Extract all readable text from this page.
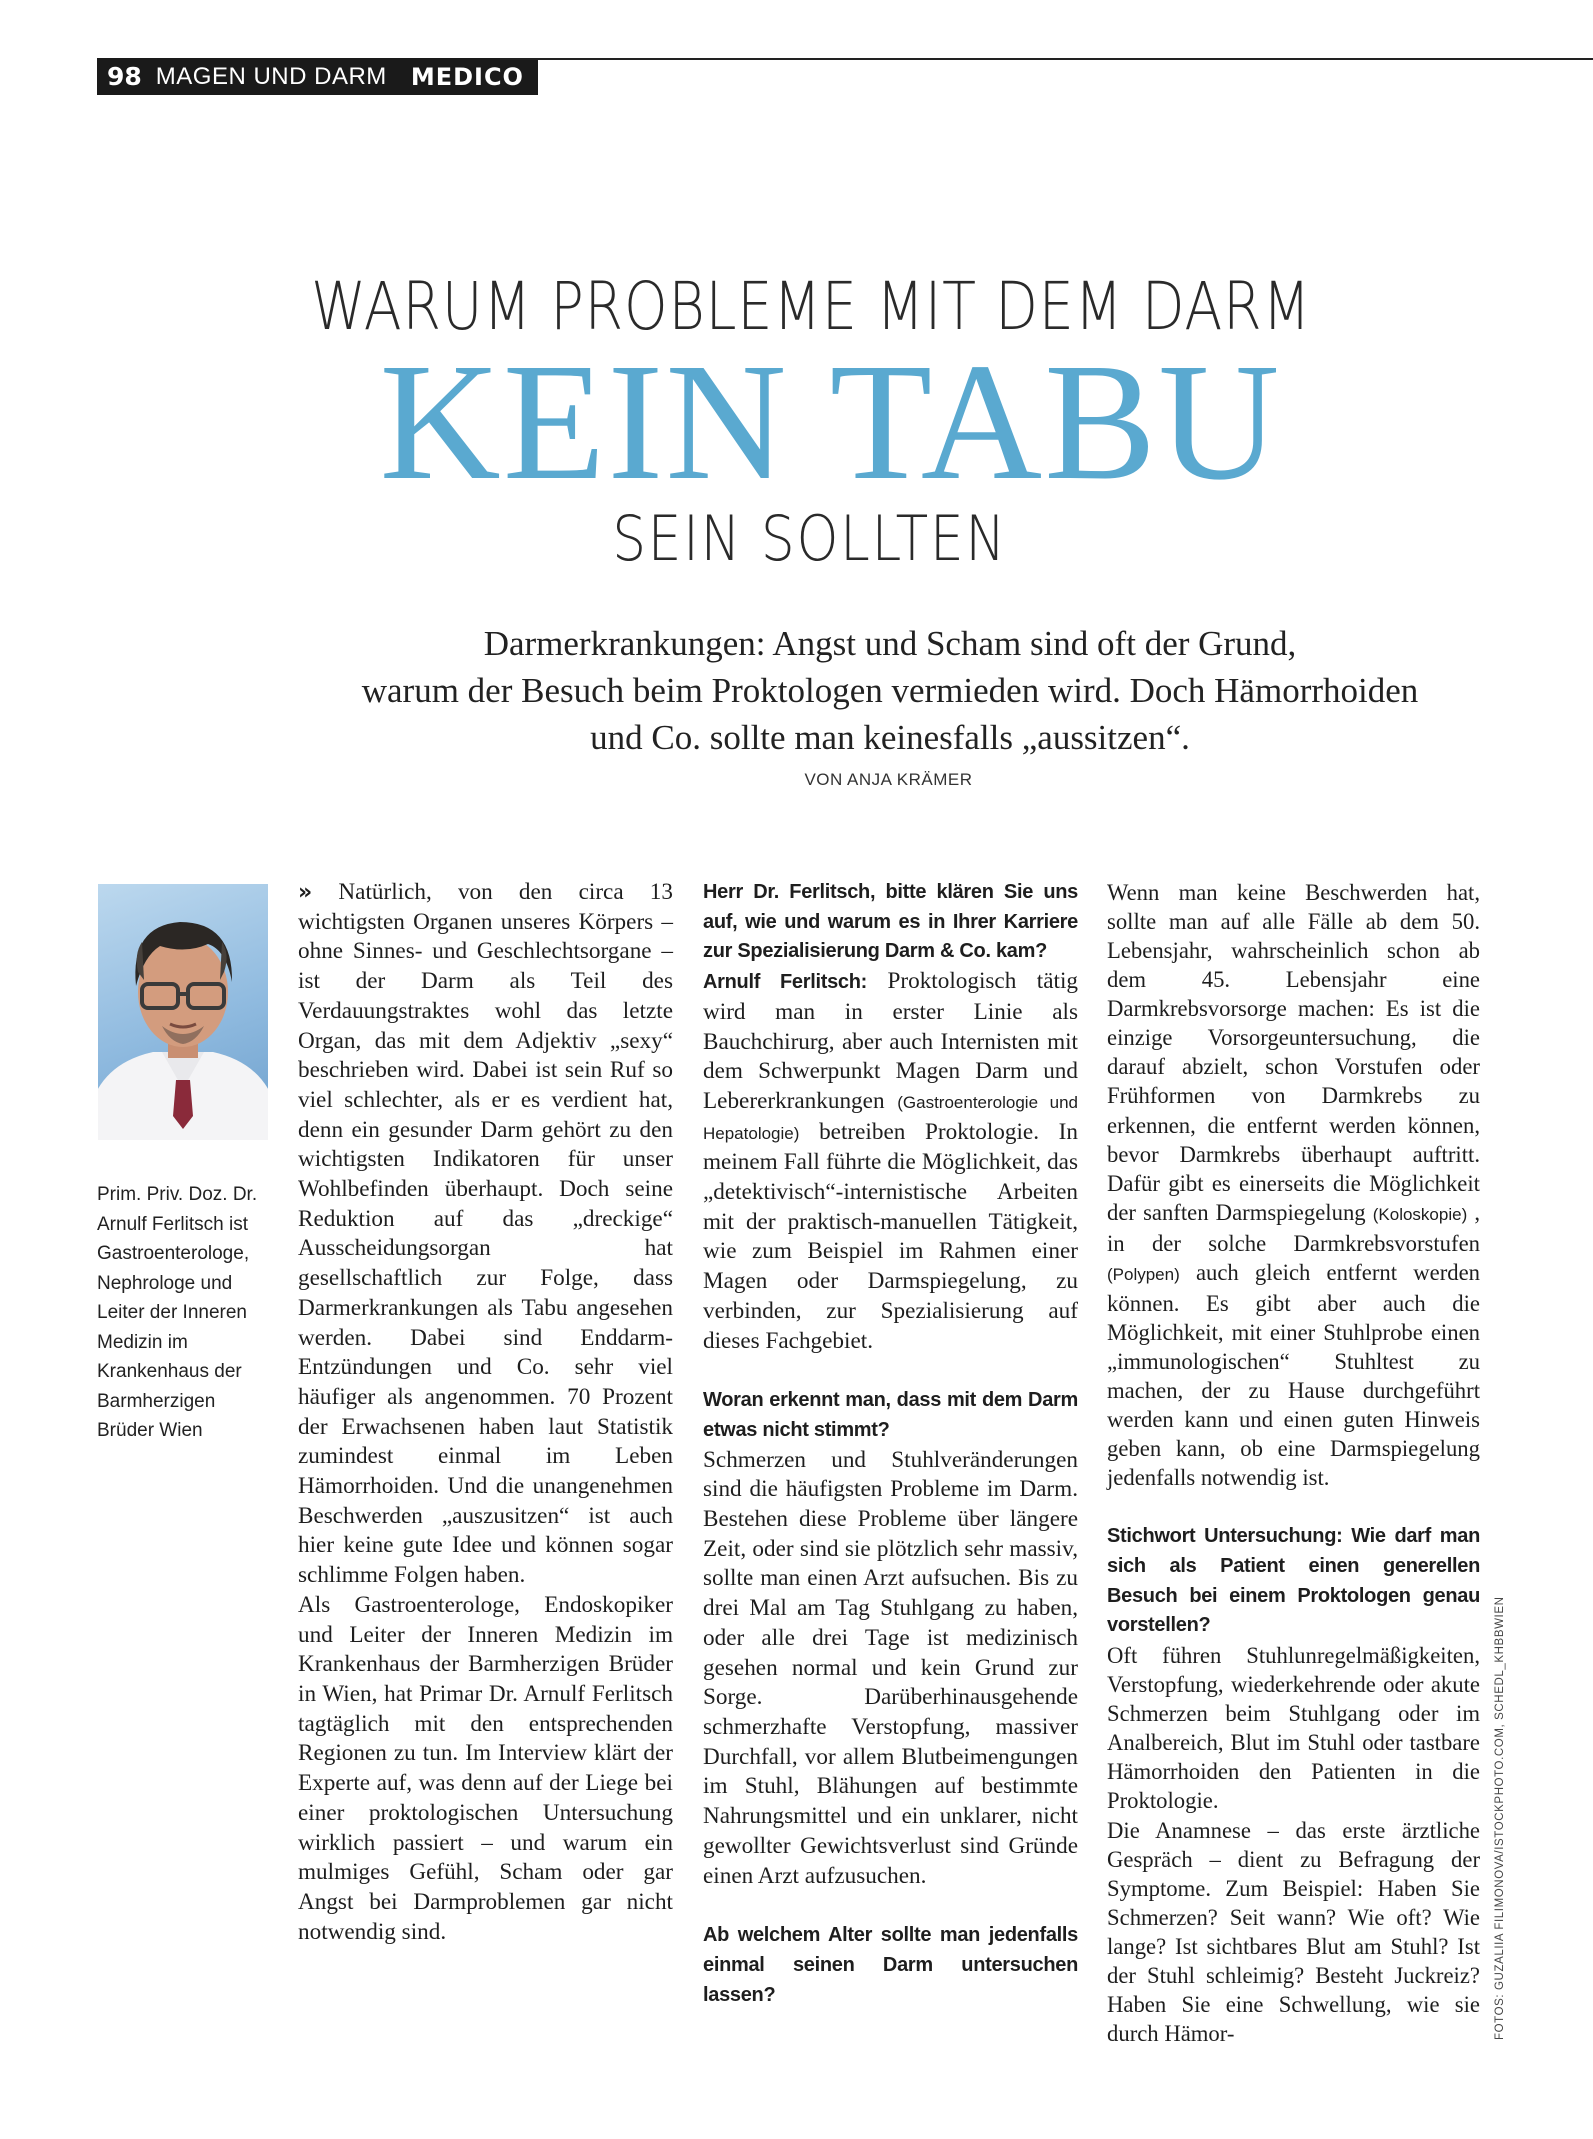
98 MAGEN UND DARM	MEDICO
WARUM PROBLEME MIT DEM DARM
KEIN TABU
SEIN SOLLTEN
Darmerkrankungen: Angst und Scham sind oft der Grund,
warum der Besuch beim Proktologen vermieden wird. Doch Hämorrhoiden
und Co. sollte man keinesfalls „aussitzen“.
VON ANJA KRÄMER
Prim. Priv. Doz. Dr. Arnulf Ferlitsch ist Gastroenterologe, Nephrologe und Leiter der Inneren Medizin im Krankenhaus der Barmherzigen Brüder Wien

» Natürlich, von den circa 13 wichtigsten Organen unseres Körpers – ohne Sinnes- und Geschlechtsorgane – ist der Darm als Teil des Verdauungstraktes wohl das letzte Organ, das mit dem Adjektiv „sexy“ beschrieben wird. Dabei ist sein Ruf so viel schlechter, als er es verdient hat, denn ein gesunder Darm gehört zu den wichtigsten Indikatoren für unser Wohlbefinden überhaupt. Doch seine Reduktion auf das „dreckige“ Ausscheidungsorgan hat gesellschaftlich zur Folge, dass Darmerkrankungen als Tabu angesehen werden. Dabei sind Enddarm-Entzündungen und Co. sehr viel häufiger als angenommen. 70 Prozent der Erwachsenen haben laut Statistik zumindest einmal im Leben Hämorrhoiden. Und die unangenehmen Beschwerden „auszusitzen“ ist auch hier keine gute Idee und können sogar schlimme Folgen haben.

Als Gastroenterologe, Endoskopiker und Leiter der Inneren Medizin im Krankenhaus der Barmherzigen Brüder in Wien, hat Primar Dr. Arnulf Ferlitsch tagtäglich mit den entsprechenden Regionen zu tun. Im Interview klärt der Experte auf, was denn auf der Liege bei einer proktologischen Untersuchung wirklich passiert – und warum ein mulmiges Gefühl, Scham oder gar Angst bei Darmproblemen gar nicht notwendig sind.

Herr Dr. Ferlitsch, bitte klären Sie uns auf, wie und warum es in Ihrer Karriere zur Spezialisierung Darm & Co. kam?

Arnulf Ferlitsch: Proktologisch tätig wird man in erster Linie als Bauchchirurg, aber auch Internisten mit dem Schwerpunkt Magen Darm und Lebererkrankungen (Gastroenterologie und Hepatologie) betreiben Proktologie. In meinem Fall führte die Möglichkeit, das „detektivisch“-internistische Arbeiten mit der praktisch-manuellen Tätigkeit, wie zum Beispiel im Rahmen einer Magen oder Darmspiegelung, zu verbinden, zur Spezialisierung auf dieses Fachgebiet.

Woran erkennt man, dass mit dem Darm etwas nicht stimmt?

Schmerzen und Stuhlveränderungen sind die häufigsten Probleme im Darm. Bestehen diese Probleme über längere Zeit, oder sind sie plötzlich sehr massiv, sollte man einen Arzt aufsuchen. Bis zu drei Mal am Tag Stuhlgang zu haben, oder alle drei Tage ist medizinisch gesehen normal und kein Grund zur Sorge. Darüberhinausgehende schmerzhafte Verstopfung, massiver Durchfall, vor allem Blutbeimengungen im Stuhl, Blähungen auf bestimmte Nahrungsmittel und ein unklarer, nicht gewollter Gewichtsverlust sind Gründe einen Arzt aufzusuchen.

Ab welchem Alter sollte man jedenfalls einmal seinen Darm untersuchen lassen?

Wenn man keine Beschwerden hat, sollte man auf alle Fälle ab dem 50. Lebensjahr, wahrscheinlich schon ab dem 45. Lebensjahr eine Darmkrebsvorsorge machen: Es ist die einzige Vorsorgeuntersuchung, die darauf abzielt, schon Vorstufen oder Frühformen von Darmkrebs zu erkennen, die entfernt werden können, bevor Darmkrebs überhaupt auftritt. Dafür gibt es einerseits die Möglichkeit der sanften Darmspiegelung (Koloskopie) , in der solche Darmkrebsvorstufen (Polypen) auch gleich entfernt werden können. Es gibt aber auch die Möglichkeit, mit einer Stuhlprobe einen „immunologischen“ Stuhltest zu machen, der zu Hause durchgeführt werden kann und einen guten Hinweis geben kann, ob eine Darmspiegelung jedenfalls notwendig ist.

Stichwort Untersuchung: Wie darf man sich als Patient einen generellen Besuch bei einem Proktologen genau vorstellen?

Oft führen Stuhlunregelmäßigkeiten, Verstopfung, wiederkehrende oder akute Schmerzen beim Stuhlgang oder im Analbereich, Blut im Stuhl oder tastbare Hämorrhoiden den Patienten in die Proktologie.

Die Anamnese – das erste ärztliche Gespräch – dient zu Befragung der Symptome. Zum Beispiel: Haben Sie Schmerzen? Seit wann? Wie oft? Wie lange? Ist sichtbares Blut am Stuhl? Ist der Stuhl schleimig? Besteht Juckreiz? Haben Sie eine Schwellung, wie sie durch Hämor-	FOTOS: GUZALIIA FILIMONOVA/ISTOCKPHOTO.COM, SCHEDL_KHBBWIEN
